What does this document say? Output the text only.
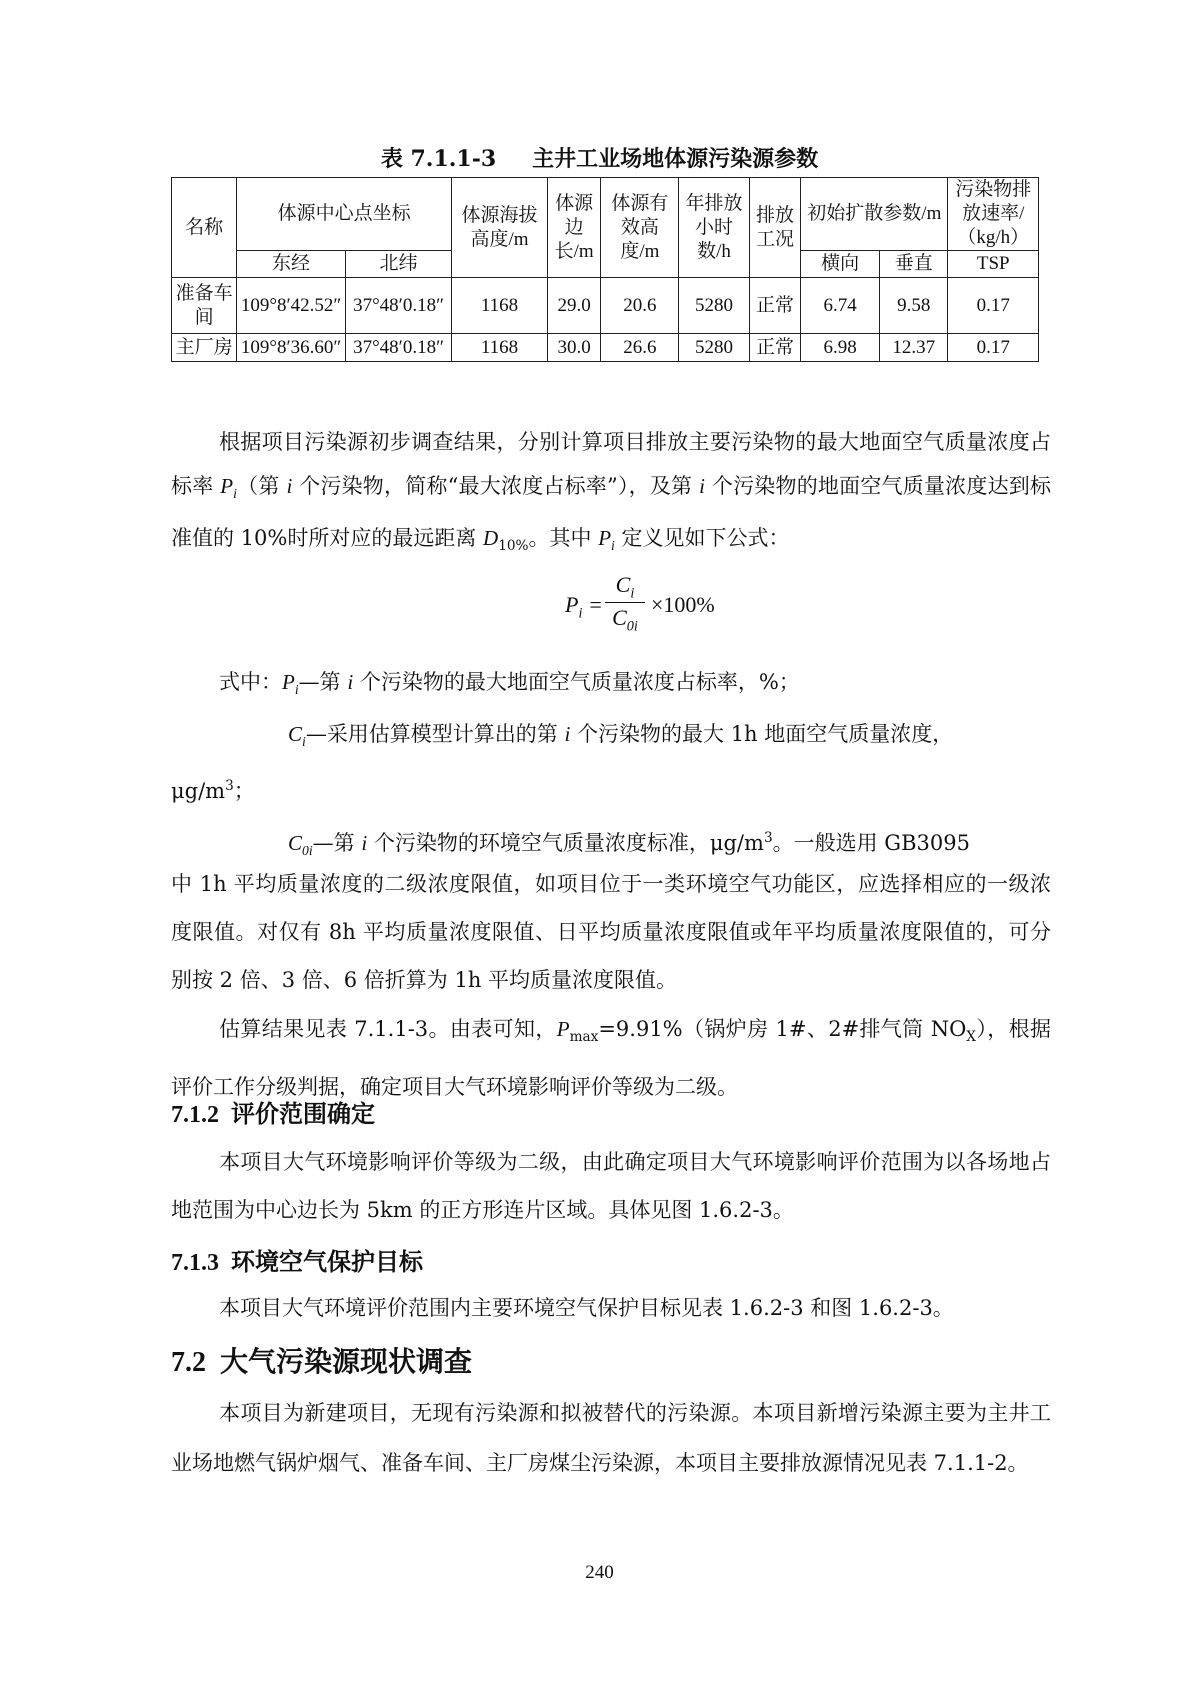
表 7.1.1-3 主井工业场地体源污染源参数
名称	体源中心点坐标		体源海拔高度/m	体源边长/m	体源有效高度/m	年排放小时数/h	排放工况	初始扩散参数/m		污染物排放速率/（kg/h）
	东经	北纬						横向	垂直	TSP
准备车间	109°8′42.52″	37°48′0.18″	1168	29.0	20.6	5280	正常	6.74	9.58	0.17
主厂房	109°8′36.60″	37°48′0.18″	1168	30.0	26.6	5280	正常	6.98	12.37	0.17
根据项目污染源初步调查结果，分别计算项目排放主要污染物的最大地面空气质量浓度占标率 $P_i$（第 i 个污染物，简称“最大浓度占标率”），及第 i 个污染物的地面空气质量浓度达到标准值的 10%时所对应的最远距离 $D_{10\%}$。其中 $P_i$ 定义见如下公式：
$P_i$ =
$C_i$
$C_{0i}$
×100%
式中：$P_i—$第 i 个污染物的最大地面空气质量浓度占标率，%；
$C_i—$采用估算模型计算出的第 i 个污染物的最大 1h 地面空气质量浓度，
$\mu g/m^3$；
$C_{0i}—$第 i 个污染物的环境空气质量浓度标准，$\mu g/m^3$。一般选用 GB3095
中 1h 平均质量浓度的二级浓度限值，如项目位于一类环境空气功能区，应选择相应的一级浓度限值。对仅有 8h 平均质量浓度限值、日平均质量浓度限值或年平均质量浓度限值的，可分别按 2 倍、3 倍、6 倍折算为 1h 平均质量浓度限值。
估算结果见表 7.1.1-3。由表可知，$P_{max}=9.91\%$（锅炉房 1#、2#排气筒 $NO_X$），根据评价工作分级判据，确定项目大气环境影响评价等级为二级。
7.1.2 评价范围确定
本项目大气环境影响评价等级为二级，由此确定项目大气环境影响评价范围为以各场地占地范围为中心边长为 5km 的正方形连片区域。具体见图 1.6.2-3。
7.1.3 环境空气保护目标
本项目大气环境评价范围内主要环境空气保护目标见表 1.6.2-3 和图 1.6.2-3。
7.2 大气污染源现状调查
本项目为新建项目，无现有污染源和拟被替代的污染源。本项目新增污染源主要为主井工业场地燃气锅炉烟气、准备车间、主厂房煤尘污染源，本项目主要排放源情况见表 7.1.1-2。
240
